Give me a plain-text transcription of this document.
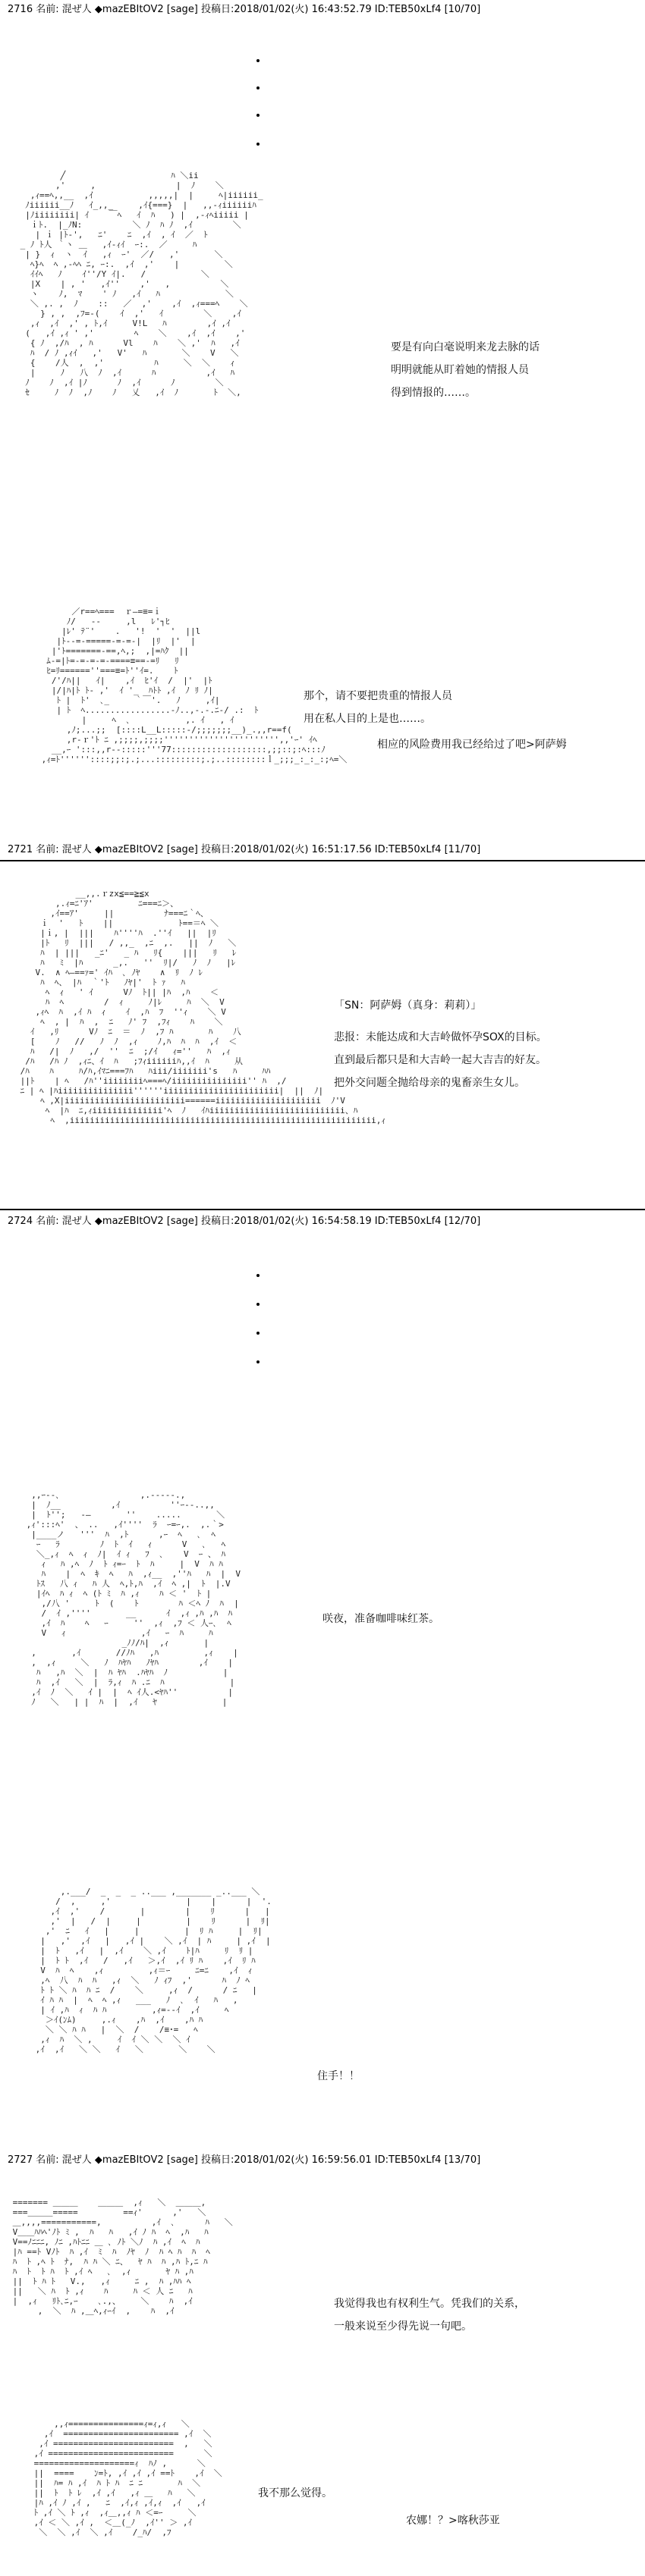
2716 名前: 混ぜ人 ◆mazEBItOV2 [sage] 投稿日:2018/01/02(火) 16:43:52.79 ID:TEB50xLf4 [10/70]
╱                     ﾊ ＼ii
,'     ,                |  ﾉ    ＼
,ｨ==ﾍ,,__  ,ｲ           ,,,,,|  |     ﾍ|iiiiii_
ﾉiiiiii__ﾉ   ｲ_,,_     ,ｲ{===}  |   ,,-ｨiiiiiiﾊ
|ﾉiiiiiiii| ｲ    ￣ﾍ   ｲ  ﾊ   ) |  ,-ｨﾍiiiii |
ｉﾄ.  |_ﾉN:          ＼ ﾉ  ﾊ ﾉ  ,ｲ        ＼
| ｉ |ﾄ‐',   ﾆ'    ﾆ  ,ｲ  , ｲ  ／  ﾄ
_ ﾉ ﾄ人 ｀ヽ ＿   ,ｲ-ｨｲ  ｰ:.  ／     ﾊ
| }  ｨ  ヽ  ｲ   ,ｨ  ｰ'  ／/   ,'       ＼
ﾍ}ﾍ  ﾍ ,-ﾍﾍ ﾆ, ｰ:.  ,ｲ  ,'    |         ＼
ｲｲﾍ   ﾉ    ｲ''/Y ｲ|.   /           ＼
|X    | , '   ,ｲ''    ,'   ,          ＼
ヽ    ﾉ,  ﾏ    ' ﾉ   ,ｲ   ﾊ             ＼
＼ ,. ,  ﾉ    ::   ／  ,'    ,ｲ  ,ｨ===ﾍ    ＼
} , ,  ,ﾌ=-(    ｲ  ,'   ｲ        ＼    ,ｲ
,ｨ  ,ｲ  ,' , ﾄ,ｲ     V!L   ﾊ        ,ｲ ,ｲ
(   ,ｲ ,ｨ ' ,'        ﾍ    ＼    ,ｲ  ,ｲ    ,'
{ ﾉ  ,/ﾊ  , ﾊ      Vl    ﾊ    ＼ ,'  ﾊ   ,ｲ
ﾊ  / ﾉ ,ｨｲ   ,'   V'   ﾊ       ＼    V   ＼
{    /人  ,  ,'          ﾊ     ＼  ＼    ｨ
|     ﾉ   八  ﾉ  ,ｲ      ﾊ          ,ｲ   ﾊ
ﾉ    ﾉ  ,ｲ |ﾉ      ﾉ  ,ｲ      ﾉ        ＼
ｾ     ﾉ  ﾉ  ,ﾉ    ﾉ   乂   ,ｲ  ﾉ       ﾄ  ＼,

要是有向白毫说明来龙去脉的话
明明就能从盯着她的情报人员
得到情报的……。
／r==ﾍ===  ｒ―=≡=ｉ
ﾉ/   ‐‐     ,l   ﾚ'┐ﾋ
|ﾚ' ﾃ¨'    .   '!  '  '  ||l
|ﾄ--=-=====-=-=-|  |ﾘ  |'  |
|'ﾄ=======-==,ﾍ,;  ,|=ﾊｸ  ||
ﾑ-=|ﾄ=-=-=-=-====≡==-=ﾘ   ﾘ
ﾋ=ﾘ======''===≡=ﾄ''ｲ=.    ﾄ
/'/ﾊ||   ｲ|    ,ｲ  ﾋ'ｲ  /  |'  |ﾄ
|/|ﾊ|ﾄ ﾄ- ,'  ｲ '_  ﾊﾄﾄ ,ｲ  ﾉ ﾘ ﾉ|
ﾄ |  ﾄ'  ､_     ｀￣'.   ﾉ     ,ｲ|
| ﾄ  ﾍ.................-ﾉ..,-.-.ﾆ-/ .:  ﾄ
|     ﾍ  ､           ,. ｲ   , ｲ
,ﾉ;...;;  [::::L__L:::::-/;;;;;;;__)_.,,r==f(
,r-ｒ'ﾄ ﾆ ,;;;;,;;;;''''''''''''''''''''''',,'ｰ' ｲﾍ
__,ｰ ':::,,r--:::::'''77:::::::::::::::::::,;;::;:ﾍ:::ﾉ
,ｨ=ﾄ''''''::::;;:;.;...:::::::::;.;..::::::::ｌ_;;;_:_:_:;ﾍ=＼

那个，请不要把贵重的情报人员
用在私人目的上是也……。
相应的风险费用我已经给过了吧>阿萨姆
2721 名前: 混ぜ人 ◆mazEBItOV2 [sage] 投稿日:2018/01/02(火) 16:51:17.56 ID:TEB50xLf4 [11/70]
__,,.ｒzx≦==≧≦x
,.ｨ=ﾆ'ｱ'         ﾆ===ﾆ＞、
,ｲ==ｱ'     ||          ﾅ===ﾆ｀ﾍ、
ｉ  '   ﾄ    ||             ﾄ==＝ﾍ ＼
|ｉ, |  |||    ﾊ''''ﾊ  .''ｲ   ||  |ﾘ
|ﾄ   ﾘ  |||   / ,,_  ,ﾆ  ,.   ||  ﾉ   ＼
ﾊ  | |||   _ﾆ'   _ ﾊ   ﾘ{    |||   ﾘ   ﾚ
ﾊ   ﾐ  |ﾊ      _,.   ''  ﾘ|/   ﾉ  ﾉ   |ﾚ
V.  ∧ ﾍ―==ｧ=' ｲﾊ  ､ ﾉﾔ    ∧  ﾘ  ﾉ ﾚ
ﾊ  ﾍ、 |ﾊ  ｀'ﾄ   ﾉﾔ|'  ﾄ ｧ   ﾊ
ﾍ  ｨ   ' ｲ      Vﾉ  ﾄ|| |ﾊ  ,ﾊ    ＜
ﾊ  ﾍ        /  ｨ     ﾉ|ﾚ     ﾊ  ＼  V
,ｨﾍ  ﾊ  ,ｲ ﾊ  ｨ    ｲ  ,ﾊ  ﾌ  ''ｨ    ＼ V
ﾍ  , |  ﾊ  ,  ﾆ   ﾉ' ﾌ  ,ﾌｨ    ﾊ    ＼
ｲ   ,ﾘ      Vﾉ  ﾆ  ＝  ﾉ  ,ﾌ ﾊ       ﾊ    八
[    ﾉ   //   ﾉ  ﾉ  ,ｨ    ﾉ,ﾊ  ﾊ  ﾊ  ,ｲ  ＜
ﾊ   /|  ﾉ   ,/  ''  ﾆ  ;/ｲ   ｨ=''   ﾊ  ,ｨ
/ﾊ   /ﾊ ﾉ  ,ｨﾆ、ｲ  ﾊ   ;ﾌｨiiiiiiﾊ,,ｲ  ﾊ     从
/ﾊ    ﾊ     ﾊ/ﾊ,ｲﾏﾆ===ﾌﾊ   ﾊiii/iiiiiii's   ﾊ     ﾊﾊ
||ﾄ    | ﾍ   /ﾊ''iiiiiiiiﾍ===ﾍ/iiiiiiiiiiiiiii'' ﾊ  ,/
ﾆ | ﾍ |ﾊiiiiiiiiiiiiiii''''''iiiiiiiiiiiiiiiiiiiiiii|  ||  ﾉ|
ﾍ ,X|iiiiiiiiiiiiiiiiiiiiiiii======iiiiiiiiiiiiiiiiiiiii  ﾉ'V
ﾍ  |ﾊ  ﾆ,ｨiiiiiiiiiiiiii'ﾍ  ﾉ   ｲﾊiiiiiiiiiiiiiiiiiiiiiiiiiii、ﾊ
ﾍ  ,iiiiiiiiiiiiiiiiiiiiiiiiiiiiiiiiiiiiiiiiiiiiiiiiiiiiiiiiiiiii,ｨ

「SN：阿萨姆（真身：莉莉）」
悲报：未能达成和大吉岭做怀孕SOX的目标。
直到最后都只是和大吉岭一起大吉吉的好友。
把外交问题全抛给母亲的鬼畜亲生女儿。
2724 名前: 混ぜ人 ◆mazEBItOV2 [sage] 投稿日:2018/01/02(火) 16:54:58.19 ID:TEB50xLf4 [12/70]
,,ｰ--､                ,.-----.,
|  ﾉ__          ,ｲ          ''ｰ--..,,
|  ﾄ'';   -―       ''    .....       ＼
,ｨ':::ﾍ'  、 ..   ,ｲ''''  ﾗ  ｰ=ｰ,.  ,.｀>
|____ノ   '''  ﾊ  ,ﾄ      ,ｰ  ﾍ   ､  ﾍ
ｰ   ﾗ        ﾉ  ﾄ  ｲ   ｨ      V   ､   ﾍ
＼_,ｨ  ﾍ  ｨ  ﾉ|  ｲ ｨ   ﾌ  ､    V  ｰ 、 ﾊ
ｨ   ﾊ ,ﾍ  ﾉ  ﾄ ｨ=ｰ  ﾄ  ﾊ     |  V  ﾊ ﾊ
ﾊ    |  ﾍ  ｷ  ﾍ   ﾊ  ,ｨ__  ,''ﾊ   ﾊ  |  V
ﾄｽ   八 ｨ   ﾊ 人  ﾍ,ﾄ,ﾊ  ,ｲ  ﾍ ,|  ﾄ  |.V
|ｲﾍ  ﾊ ｨ  ﾍ (ﾄ ﾐ  ﾊ ,ｨ    ﾊ ＜ '  ﾄ |
,/八 '     ﾄ  (    ﾄ        ﾊ ＜ﾍ ﾉ  ﾊ  |
/  ｲ ,''''       __      ｲ  ,ｨ ,ﾊ ,ﾊ  ﾊ
,ｲ  ﾊ    ﾍ   ｰ     ''  ,ｨ  ,ﾌ ＜ 人ｰ､  ﾍ
V   ｨ               ,ｲ   ｰ  ﾊ     ﾊ
_ﾉﾉ/ﾊ|  ,ｨ       |
,       ,ｲ       //ﾉﾊ   ,ﾊ         ,ｨ    |
,  ,ｨ     ＼   ﾉ  ﾊﾔﾊ   ﾉﾔﾊ        ,ｲ    |
ﾊ   ,ﾊ  ＼  |  ﾊ ﾔﾊ  .ﾊﾔﾊ  ﾉ           |
ﾊ  ,ｲ   ＼  |  ﾗ,ｨ  ﾊ .ﾆ  ﾊ             |
,ｲ  ﾉ  ＼   ｲ |  |  ﾍ ｲ人.<ﾔﾊ''          |
ﾉ   ＼   | |  ﾊ  |  ,ｲ   ﾔ             |

咲夜，准备咖啡味红茶。
,.___/  _  _  _ ..___ ,_______ _..___ ＼
/  ,     ,'               |    |      |  '.
,ｲ  ,'    /       |        |    ﾘ      |   |
,'  |   /  |     |         |    ﾘ      |  ﾘ|
,'  ﾆ   ｲ   |     |         |  ﾘ ﾊ     |  ﾘ|
|   ,'  ,ｲ   |   ,ｲ |    ＼ ,ｲ  | ﾊ     | ,ｲ  |
|  ﾄ   ,ｲ   |  ,ｲ    ＼ ,ｲ    ﾄ|ﾊ     ﾘ  ﾘ |
|  ﾄ ﾄ  ,ｲ   /   ,ｲ   ＞,ｲ  ,ｲ ﾘ ﾊ    ,ｲ  ﾘ ﾊ
V  ﾊ  ﾍ    ,ｨ         ,ｨ＝ｰ     ﾆ=ﾆ    ,ｲ  ｨ
,ﾍ  八  ﾊ  ﾊ   ,ｨ  ＼   ﾉ ｨﾌ  ,'      ﾊ  ﾉ ﾍ
ﾄ ﾄ ＼ ﾊ  ﾊ ﾆ  /    ＼     ,ｨ  /      / ﾆ   |
ｲ ﾊ ﾊ  |  ﾍ  ﾍ ,ｨ   ___   ﾉ  ､  ｲ   ﾊ   ,
| ｲ ,ﾊ  ｨ  ﾊ ﾊ         ,ｨ=--ｲ  ,ｲ     ﾍ
＞ｲ(ﾝﾑ)     ,.ｨ    ,ﾊ  ,ｲ    ,ﾊ ﾊ
＼ ＼ ﾊ ﾊ   |  ＼  /    /≡･=   ﾍ
,ｨ  ﾊ  ＼ ,     ｲ  ｲ ＼ ＼  ＼ ｲ
,ｲ  ,ｲ   ＼ ＼   ｲ   ＼       ＼    ＼

住手！！
2727 名前: 混ぜ人 ◆mazEBItOV2 [sage] 投稿日:2018/01/02(火) 16:59:56.01 ID:TEB50xLf4 [13/70]
======= ＿＿＿    ＿＿＿  ,ｨ   ＼  ＿＿＿,
===＿＿＿=====         ==ｨ'      ,'   ＼
＿,,,,===========,          ,ｲ  ､      ﾊ   ＼
V＿＿ﾊﾊﾍ'ﾉﾄ ﾐ ,  ﾊ   ﾊ   ,ｲ ﾉ ﾊ  ﾍ  ,ﾊ   ﾊ
V==ﾉﾆﾆﾆ, ﾉﾆ ,ﾊﾄﾆﾆ ＿ ､ ﾉﾄ ＼ﾉ  ﾊ ,ｲ  ﾍ  ﾊ
|ﾊ ==ﾄ Vﾉﾄ  ﾊ ,ｲ  ﾐ  ﾊ  ﾉﾔ  ﾉ  ﾊ ﾍ ﾊ  ﾊ  ﾍ
ﾊ  ﾄ ,ﾍ ﾄ  ﾅ,  ﾊ ﾊ ＼ ﾆ、  ﾔ ﾊ  ﾊ ,ﾊ ﾄ,ﾆ ﾊ
ﾊ  ﾄ  ﾄ ﾊ  ﾄ ,ｲ ﾍ   ､  ,ｨ       ﾔ ﾊ ,ﾊ
||  ﾄ ﾊ ﾄ   V.,   ,ｨ     ﾆ ,  ﾊ ,ﾊﾊ ﾍ
||   ＼ ﾊ  ﾄ ,ｨ    ﾊ     ﾊ ＜ 人 ﾆ   ﾊ
|  ,ｨ   ﾘﾄ､ﾆ,ｰ    ､.,、    ＼    ﾊ  ,ｲ
,  ＼  ﾊ ,＿ﾍ,ｨｰｲ  ,    ﾊ  ,ｲ

我觉得我也有权利生气。凭我们的关系，
一般来说至少得先说一句吧。
,,ｨ===============ｨ=ｨ,ｨ   ＼
,ｲ  ======================= ,ｲ  ＼
,ｲ ========================  ,   ＼
,ｲ =========================      ＼
====================ｨ  ﾊﾉ ,      ＼
||  ====    ﾝ=ﾄ, ,ｲ ,ｲ ,ｲ ==ﾄ    ,ｲ  ＼
||  ﾊ= ﾊ ,ｲ  ﾊ ﾄ ﾊ  ﾆ ﾆ       ﾊ  ＼
||  ﾄ  ﾄ ﾚ  ,ｲ ,ｲ   ,ｨ ＿   ﾊ   ＼
|ﾊ ,ｲ ﾉ ,ｲ ,   ﾆ  ,ｲ,ｨ ,ｲ,ｨ  ,ｲ   ,ｲ
ﾄ ,ｲ ＼ ﾄ ,ｨ  ,ｨ＿,,ｨ ﾊ ＜=ｰ     ＼
,ｲ ＜ ＼ ,ｲ ,  ＜＿(_ﾉ  ,ｲ'' ＞ ,ｲ
＼  ＼ ,ｲ  ＼ ,ｲ    /_ﾊ/  ,ﾌ

我不那么觉得。
农娜！？>喀秋莎亚
